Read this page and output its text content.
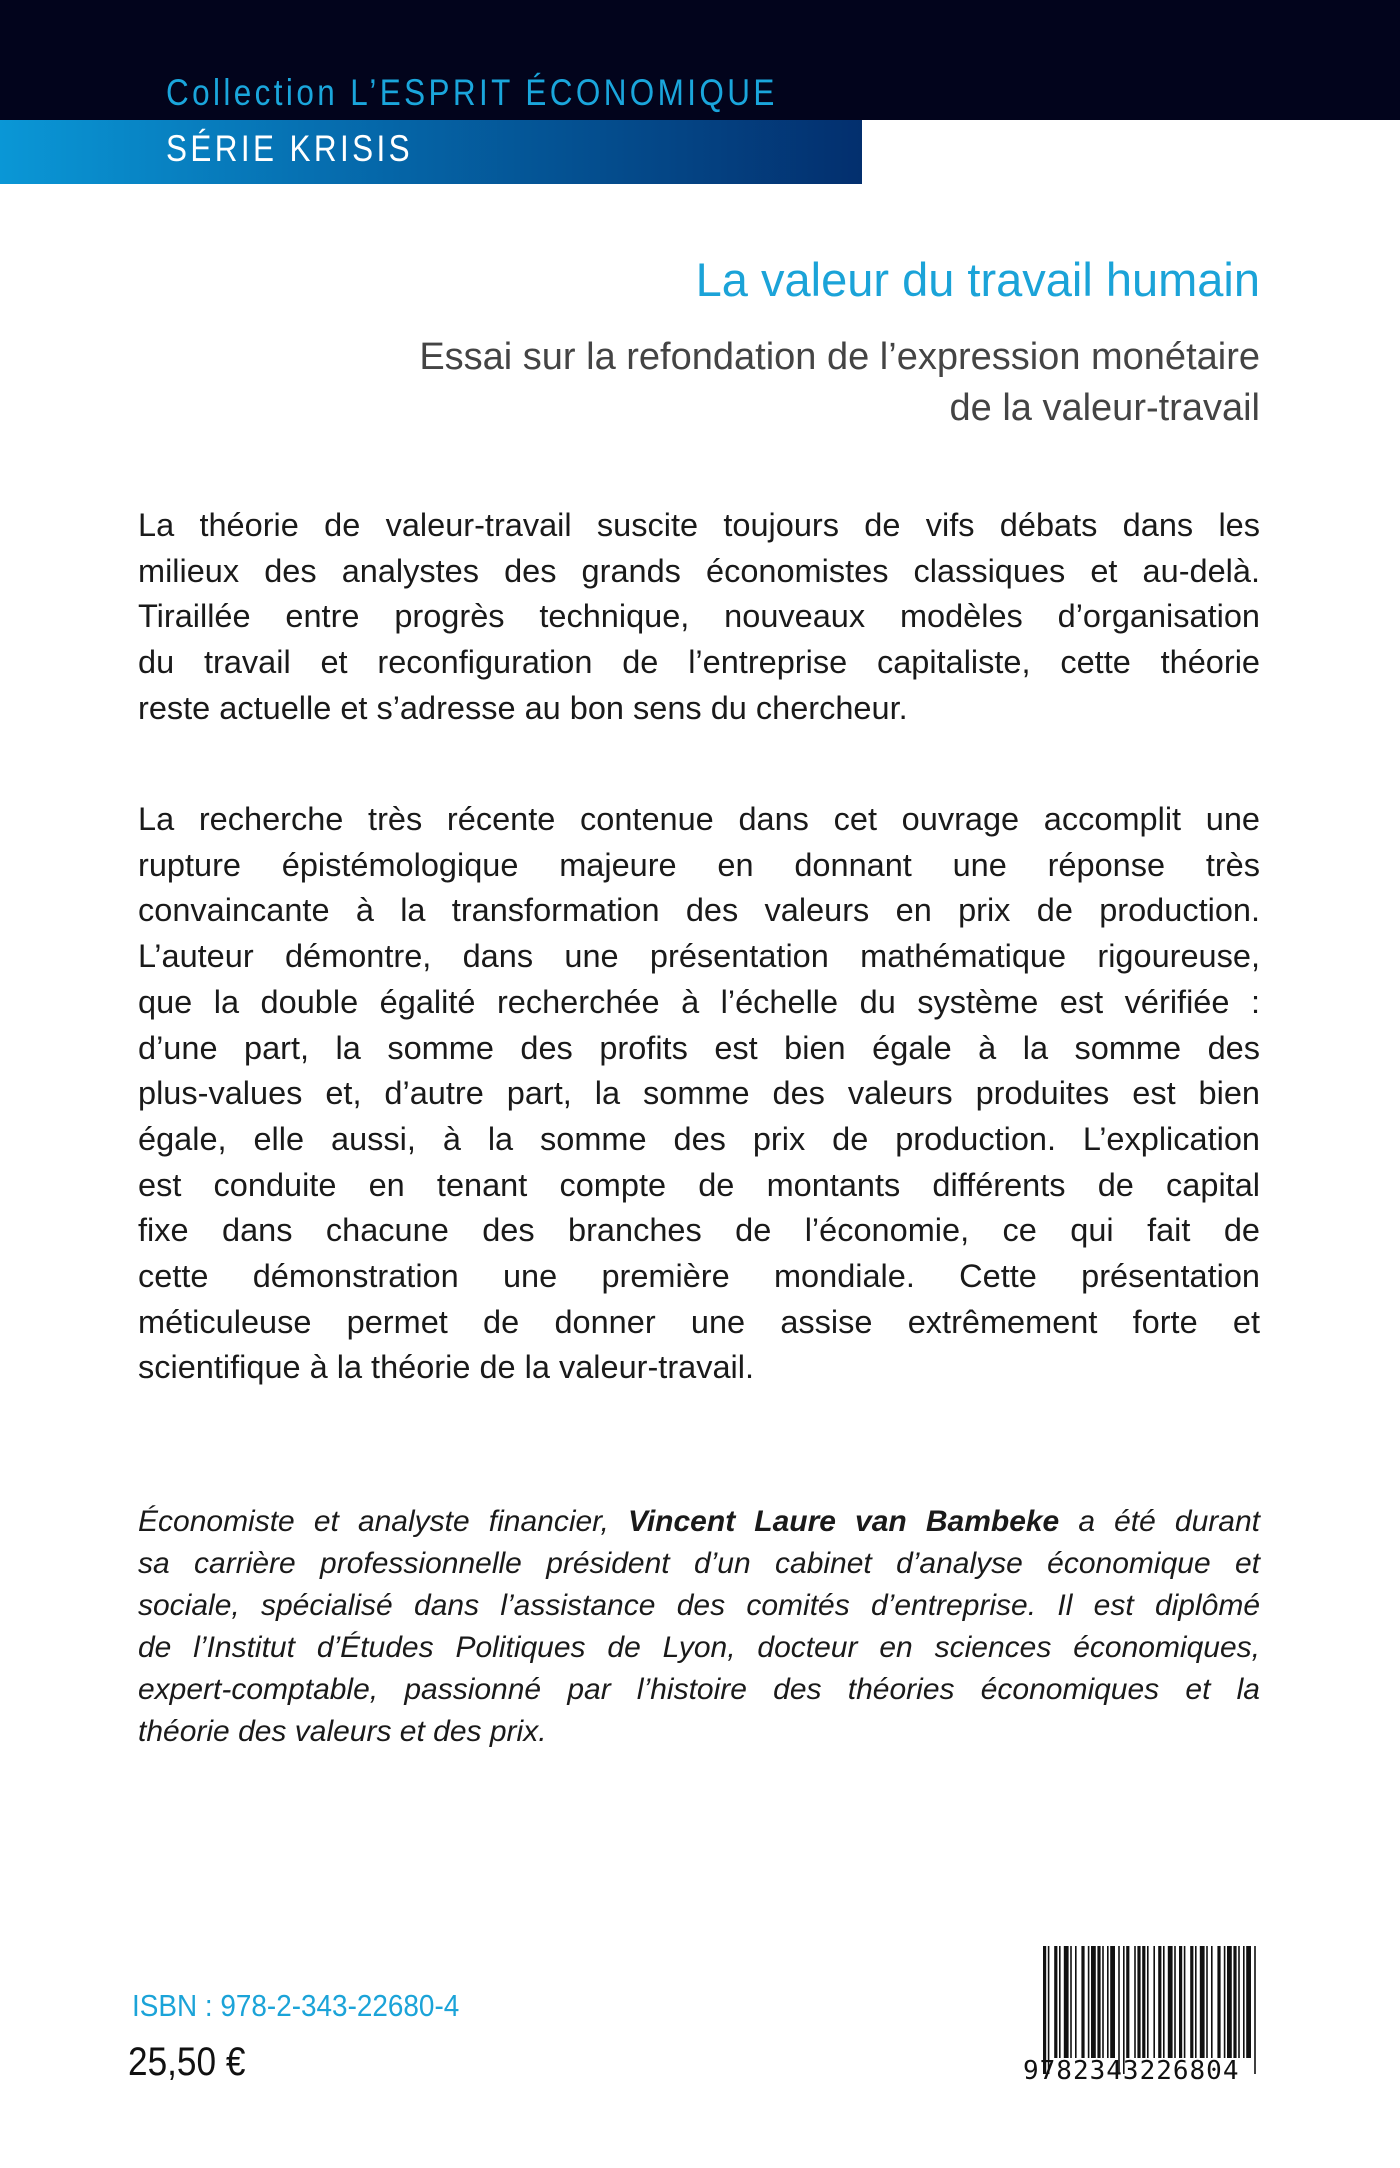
Collection L’ESPRIT ÉCONOMIQUE
SÉRIE KRISIS
La valeur du travail humain
Essai sur la refondation de l’expression monétaire
de la valeur-travail
La théorie de valeur-travail suscite toujours de vifs débats dans les
milieux des analystes des grands économistes classiques et au-delà.
Tiraillée entre progrès technique, nouveaux modèles d’organisation
du travail et reconfiguration de l’entreprise capitaliste, cette théorie
reste actuelle et s’adresse au bon sens du chercheur.
La recherche très récente contenue dans cet ouvrage accomplit une
rupture épistémologique majeure en donnant une réponse très
convaincante à la transformation des valeurs en prix de production.
L’auteur démontre, dans une présentation mathématique rigoureuse,
que la double égalité recherchée à l’échelle du système est vérifiée :
d’une part, la somme des profits est bien égale à la somme des
plus-values et, d’autre part, la somme des valeurs produites est bien
égale, elle aussi, à la somme des prix de production. L’explication
est conduite en tenant compte de montants différents de capital
fixe dans chacune des branches de l’économie, ce qui fait de
cette démonstration une première mondiale. Cette présentation
méticuleuse permet de donner une assise extrêmement forte et
scientifique à la théorie de la valeur-travail.
Économiste et analyste financier, Vincent Laure van Bambeke a été durant
sa carrière professionnelle président d’un cabinet d’analyse économique et
sociale, spécialisé dans l’assistance des comités d’entreprise. Il est diplômé
de l’Institut d’Études Politiques de Lyon, docteur en sciences économiques,
expert-comptable, passionné par l’histoire des théories économiques et la
théorie des valeurs et des prix.
ISBN : 978-2-343-22680-4
25,50 €	9782343226804
